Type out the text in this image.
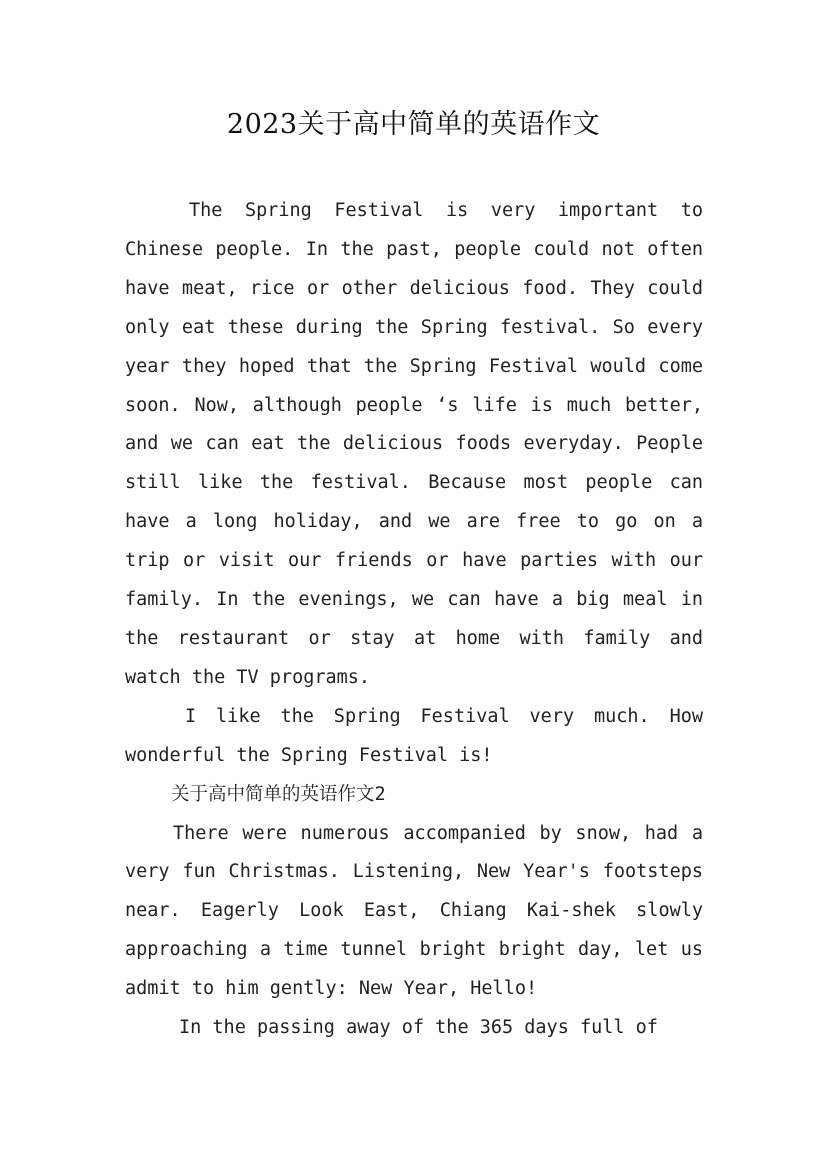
2023关于高中简单的英语作文

The Spring Festival is very important to Chinese people. In the past, people could not often have meat, rice or other delicious food. They could only eat these during the Spring festival. So every year they hoped that the Spring Festival would come soon. Now, although people ‘s life is much better, and we can eat the delicious foods everyday. People still like the festival. Because most people can have a long holiday, and we are free to go on a trip or visit our friends or have parties with our family. In the evenings, we can have a big meal in the restaurant or stay at home with family and watch the TV programs.

I like the Spring Festival very much. How wonderful the Spring Festival is!

关于高中简单的英语作文2

There were numerous accompanied by snow, had a very fun Christmas. Listening, New Year's footsteps near. Eagerly Look East, Chiang Kai-shek slowly approaching a time tunnel bright bright day, let us admit to him gently: New Year, Hello!

In the passing away of the 365 days full of
